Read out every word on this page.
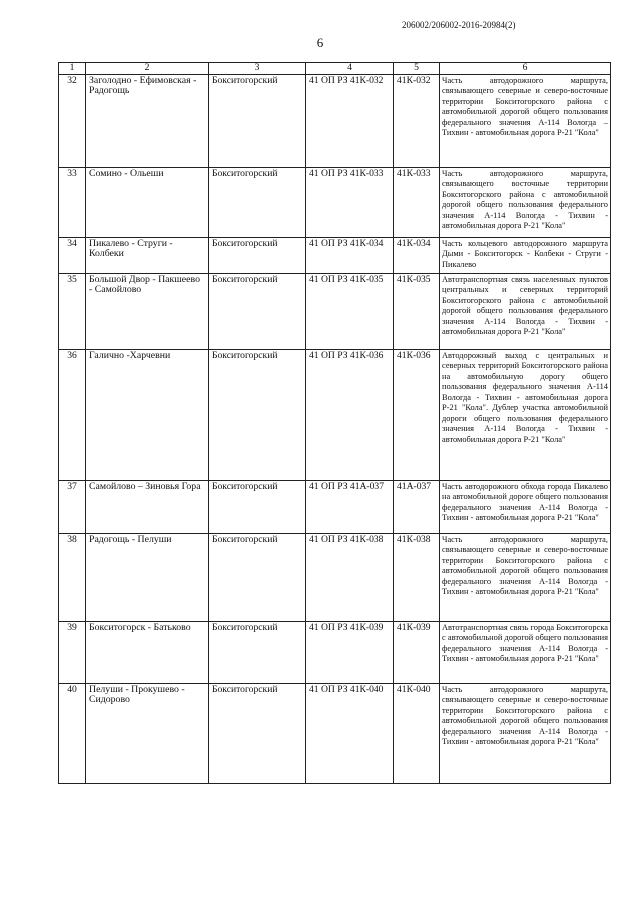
206002/206002-2016-20984(2)
6
1	2	3	4	5	6
32	Заголодно - Ефимовская - Радогощь	Бокситогорский	41 ОП РЗ 41К-032	41К-032	Часть автодорожного маршрута, связывающего северные и северо-восточные территории Бокситогорского района с автомобильной дорогой общего пользования федерального значения А-114 Вологда – Тихвин - автомобильная дорога Р-21 "Кола"
33	Сомино - Ольеши	Бокситогорский	41 ОП РЗ 41К-033	41К-033	Часть автодорожного маршрута, связывающего восточные территории Бокситогорского района с автомобильной дорогой общего пользования федерального значения А-114 Вологда - Тихвин - автомобильная дорога Р-21 "Кола"
34	Пикалево - Струги - Колбеки	Бокситогорский	41 ОП РЗ 41К-034	41К-034	Часть кольцевого автодорожного маршрута Дыми - Бокситогорск - Колбеки - Струги - Пикалево
35	Большой Двор - Пакшеево - Самойлово	Бокситогорский	41 ОП РЗ 41К-035	41К-035	Автотранспортная связь населенных пунктов центральных и северных территорий Бокситогорского района с автомобильной дорогой общего пользования федерального значения А-114 Вологда - Тихвин - автомобильная дорога Р-21 "Кола"
36	Галично -Харчевни	Бокситогорский	41 ОП РЗ 41К-036	41К-036	Автодорожный выход с центральных и северных территорий Бокситогорского района на автомобильную дорогу общего пользования федерального значения А-114 Вологда - Тихвин - автомобильная дорога Р-21 "Кола". Дублер участка автомобильной дороги общего пользования федерального значения А-114 Вологда - Тихвин - автомобильная дорога Р-21 "Кола"
37	Самойлово – Зиновья Гора	Бокситогорский	41 ОП РЗ 41А-037	41А-037	Часть автодорожного обхода города Пикалево на автомобильной дороге общего пользования федерального значения А-114 Вологда - Тихвин - автомобильная дорога Р-21 "Кола"
38	Радогощь - Пелуши	Бокситогорский	41 ОП РЗ 41К-038	41К-038	Часть автодорожного маршрута, связывающего северные и северо-восточные территории Бокситогорского района с автомобильной дорогой общего пользования федерального значения А-114 Вологда - Тихвин - автомобильная дорога Р-21 "Кола"
39	Бокситогорск - Батьково	Бокситогорский	41 ОП РЗ 41К-039	41К-039	Автотранспортная связь города Бокситогорска с автомобильной дорогой общего пользования федерального значения А-114 Вологда - Тихвин - автомобильная дорога Р-21 "Кола"
40	Пелуши - Прокушево - Сидорово	Бокситогорский	41 ОП РЗ 41К-040	41К-040	Часть автодорожного маршрута, связывающего северные и северо-восточные территории Бокситогорского района с автомобильной дорогой общего пользования федерального значения А-114 Вологда - Тихвин - автомобильная дорога Р-21 "Кола"
